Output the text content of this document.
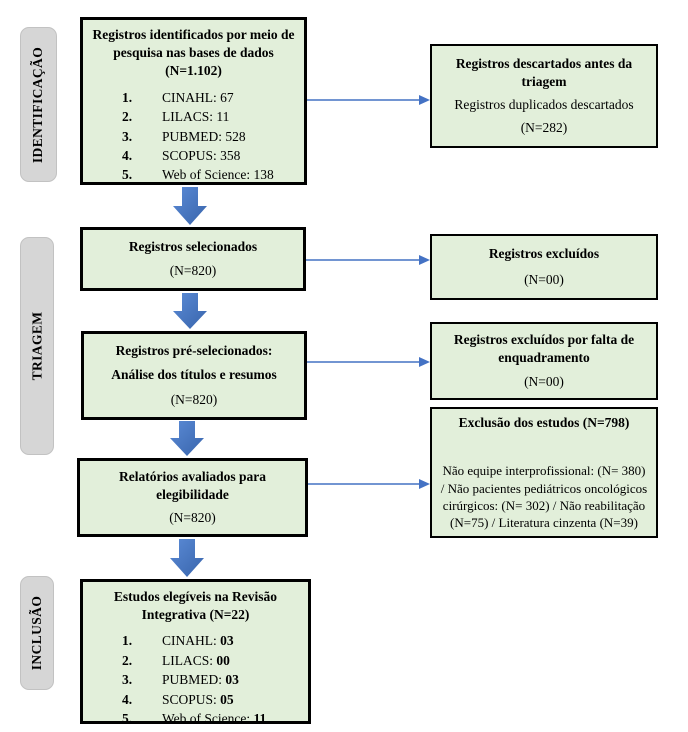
IDENTIFICAÇÃO
TRIAGEM
INCLUSÃO
Registros identificados por meio de pesquisa nas bases de dados (N=1.102)
1.	CINAHL: 67
2.	LILACS: 11
3.	PUBMED: 528
4.	SCOPUS: 358
5.	Web of Science: 138
Registros selecionados
(N=820)
Registros pré-selecionados:
Análise dos títulos e resumos
(N=820)
Relatórios avaliados para elegibilidade
(N=820)
Estudos elegíveis na Revisão Integrativa (N=22)
1.	CINAHL: 03
2.	LILACS: 00
3.	PUBMED: 03
4.	SCOPUS: 05
5.	Web of Science: 11
Registros descartados antes da triagem
Registros duplicados descartados
(N=282)
Registros excluídos
(N=00)
Registros excluídos por falta de enquadramento
(N=00)
Exclusão dos estudos (N=798)
Não equipe interprofissional: (N= 380) / Não pacientes pediátricos oncológicos cirúrgicos: (N= 302) / Não reabilitação (N=75) / Literatura cinzenta (N=39)
